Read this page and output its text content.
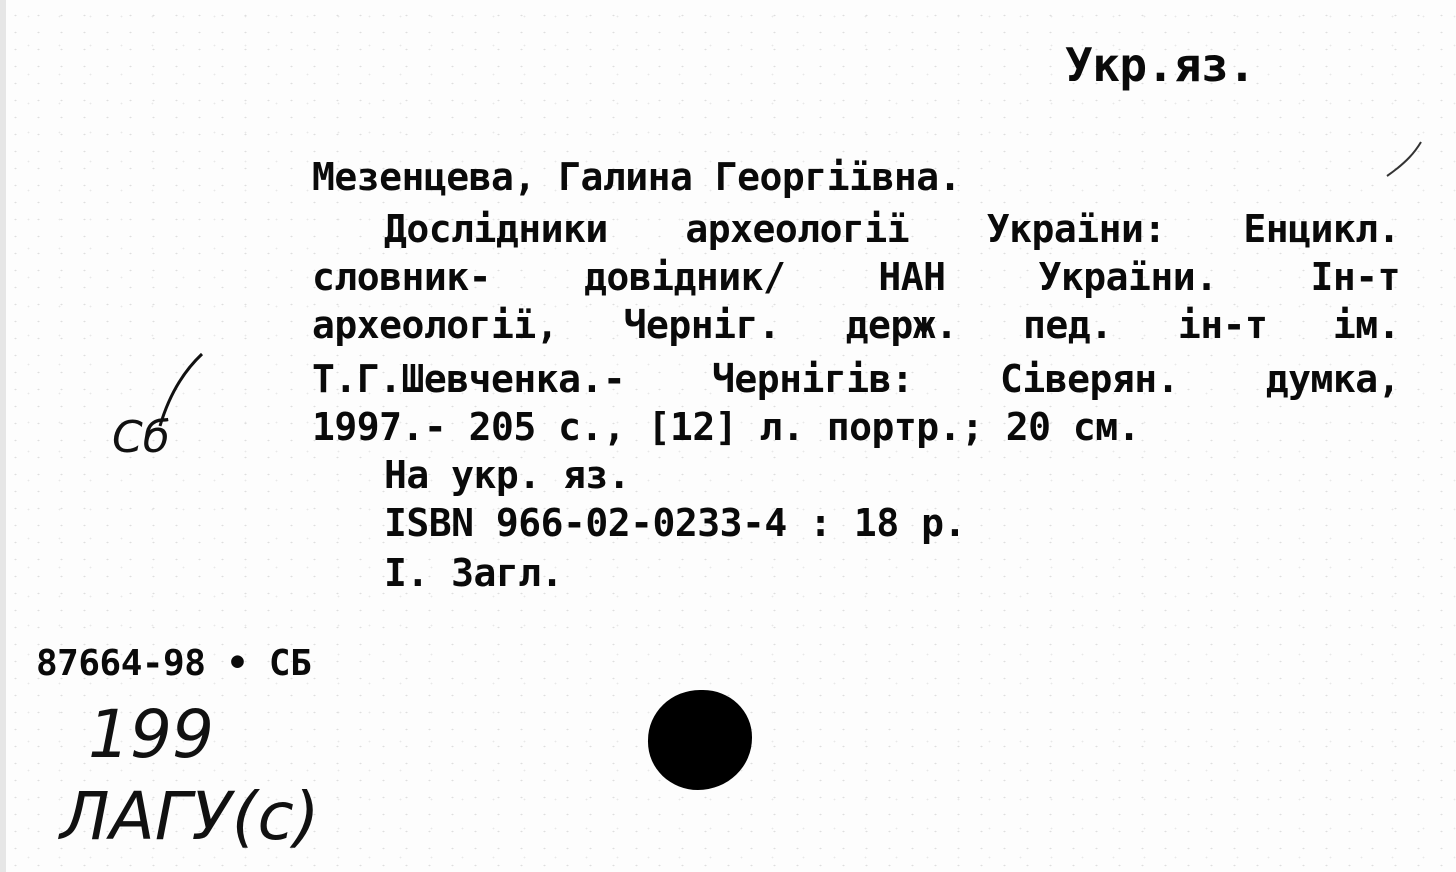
Укр.яз.
Мезенцева, Галина Георгіївна.
Дослідники археології України: Енцикл.
словник- довідник/ НАН України. Ін-т
археології, Черніг. держ. пед. ін-т ім.
Т.Г.Шевченка.- Чернігів: Сіверян. думка,
1997.- 205 с., [12] л. портр.; 20 см.
На укр. яз.
ISBN 966-02-0233-4 : 18 р.
I. Загл.
87664-98 • СБ
Сб
199
ЛАГУ(с)
